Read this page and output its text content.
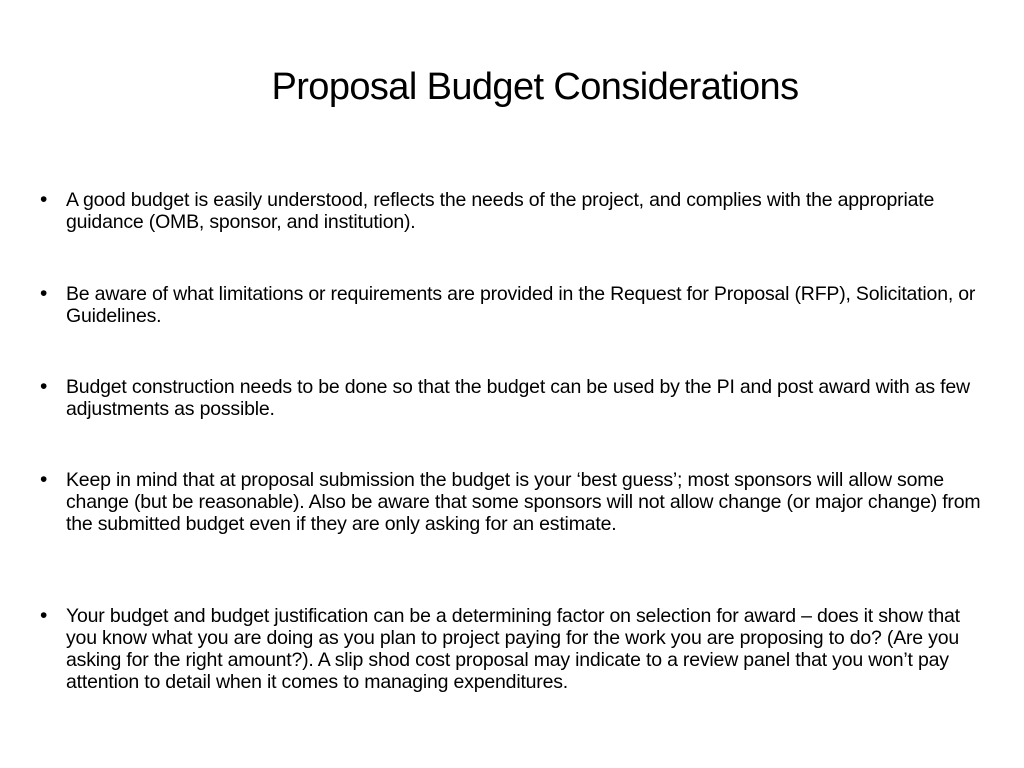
Proposal Budget Considerations
• A good budget is easily understood, reflects the needs of the project, and complies with the appropriate guidance (OMB, sponsor, and institution).
• Be aware of what limitations or requirements are provided in the Request for Proposal (RFP), Solicitation, or Guidelines.
• Budget construction needs to be done so that the budget can be used by the PI and post award with as few adjustments as possible.
• Keep in mind that at proposal submission the budget is your ‘best guess’; most sponsors will allow some change (but be reasonable). Also be aware that some sponsors will not allow change (or major change) from the submitted budget even if they are only asking for an estimate.
• Your budget and budget justification can be a determining factor on selection for award – does it show that you know what you are doing as you plan to project paying for the work you are proposing to do? (Are you asking for the right amount?). A slip shod cost proposal may indicate to a review panel that you won’t pay attention to detail when it comes to managing expenditures.
